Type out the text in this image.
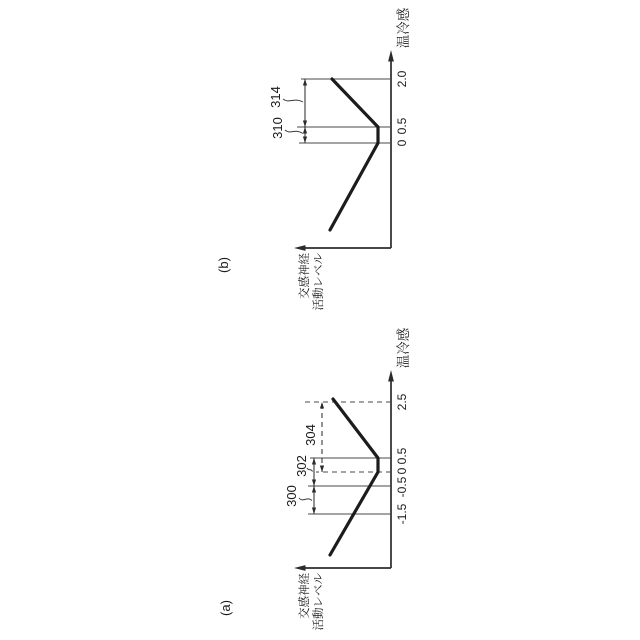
(b)
温冷感
交感神経 活動レベル
0
0.5
2.0
310
314
(a)
温冷感
交感神経 活動レベル
-1.5
-0.5
0
0.5
2.5
300
302
304
